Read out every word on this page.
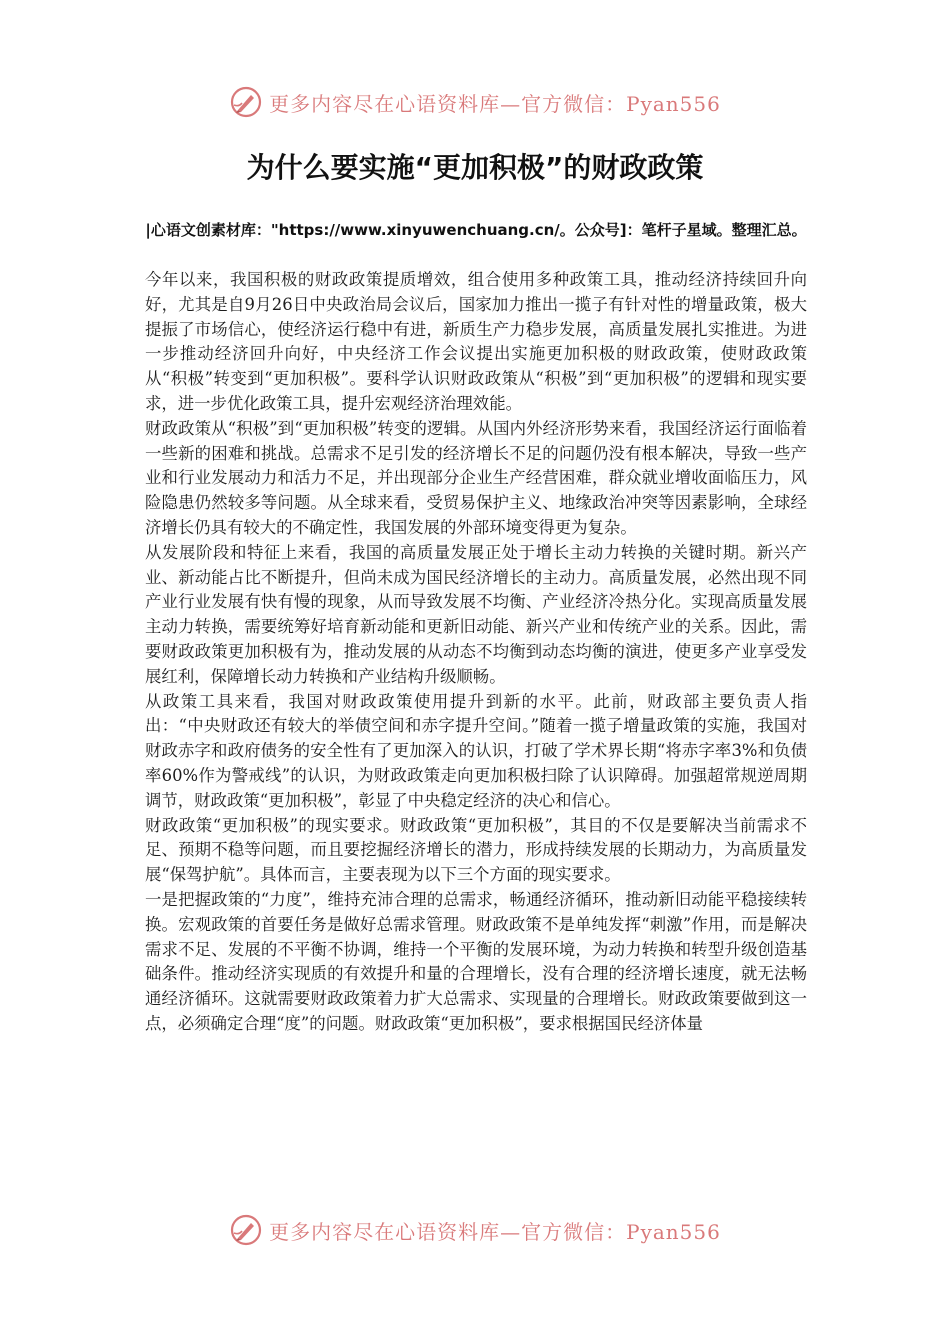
更多内容尽在心语资料库—官方微信：Pyan556
为什么要实施“更加积极”的财政政策
|心语文创素材库："https://www.xinyuwenchuang.cn/。公众号]：笔杆子星域。整理汇总。

今年以来，我国积极的财政政策提质增效，组合使用多种政策工具，推动经济持续回升向好，尤其是自9月26日中央政治局会议后，国家加力推出一揽子有针对性的增量政策，极大提振了市场信心，使经济运行稳中有进，新质生产力稳步发展，高质量发展扎实推进。为进一步推动经济回升向好，中央经济工作会议提出实施更加积极的财政政策，使财政政策从“积极”转变到“更加积极”。要科学认识财政政策从“积极”到“更加积极”的逻辑和现实要求，进一步优化政策工具，提升宏观经济治理效能。

财政政策从“积极”到“更加积极”转变的逻辑。从国内外经济形势来看，我国经济运行面临着一些新的困难和挑战。总需求不足引发的经济增长不足的问题仍没有根本解决，导致一些产业和行业发展动力和活力不足，并出现部分企业生产经营困难，群众就业增收面临压力，风险隐患仍然较多等问题。从全球来看，受贸易保护主义、地缘政治冲突等因素影响，全球经济增长仍具有较大的不确定性，我国发展的外部环境变得更为复杂。

从发展阶段和特征上来看，我国的高质量发展正处于增长主动力转换的关键时期。新兴产业、新动能占比不断提升，但尚未成为国民经济增长的主动力。高质量发展，必然出现不同产业行业发展有快有慢的现象，从而导致发展不均衡、产业经济冷热分化。实现高质量发展主动力转换，需要统筹好培育新动能和更新旧动能、新兴产业和传统产业的关系。因此，需要财政政策更加积极有为，推动发展的从动态不均衡到动态均衡的演进，使更多产业享受发展红利，保障增长动力转换和产业结构升级顺畅。

从政策工具来看，我国对财政政策使用提升到新的水平。此前，财政部主要负责人指出：“中央财政还有较大的举债空间和赤字提升空间。”随着一揽子增量政策的实施，我国对财政赤字和政府债务的安全性有了更加深入的认识，打破了学术界长期“将赤字率3%和负债率60%作为警戒线”的认识，为财政政策走向更加积极扫除了认识障碍。加强超常规逆周期调节，财政政策“更加积极”，彰显了中央稳定经济的决心和信心。

财政政策“更加积极”的现实要求。财政政策“更加积极”，其目的不仅是要解决当前需求不足、预期不稳等问题，而且要挖掘经济增长的潜力，形成持续发展的长期动力，为高质量发展“保驾护航”。具体而言，主要表现为以下三个方面的现实要求。

一是把握政策的“力度”，维持充沛合理的总需求，畅通经济循环，推动新旧动能平稳接续转换。宏观政策的首要任务是做好总需求管理。财政政策不是单纯发挥“刺激”作用，而是解决需求不足、发展的不平衡不协调，维持一个平衡的发展环境，为动力转换和转型升级创造基础条件。推动经济实现质的有效提升和量的合理增长，没有合理的经济增长速度，就无法畅通经济循环。这就需要财政政策着力扩大总需求、实现量的合理增长。财政政策要做到这一点，必须确定合理“度”的问题。财政政策“更加积极”，要求根据国民经济体量

更多内容尽在心语资料库—官方微信：Pyan556
